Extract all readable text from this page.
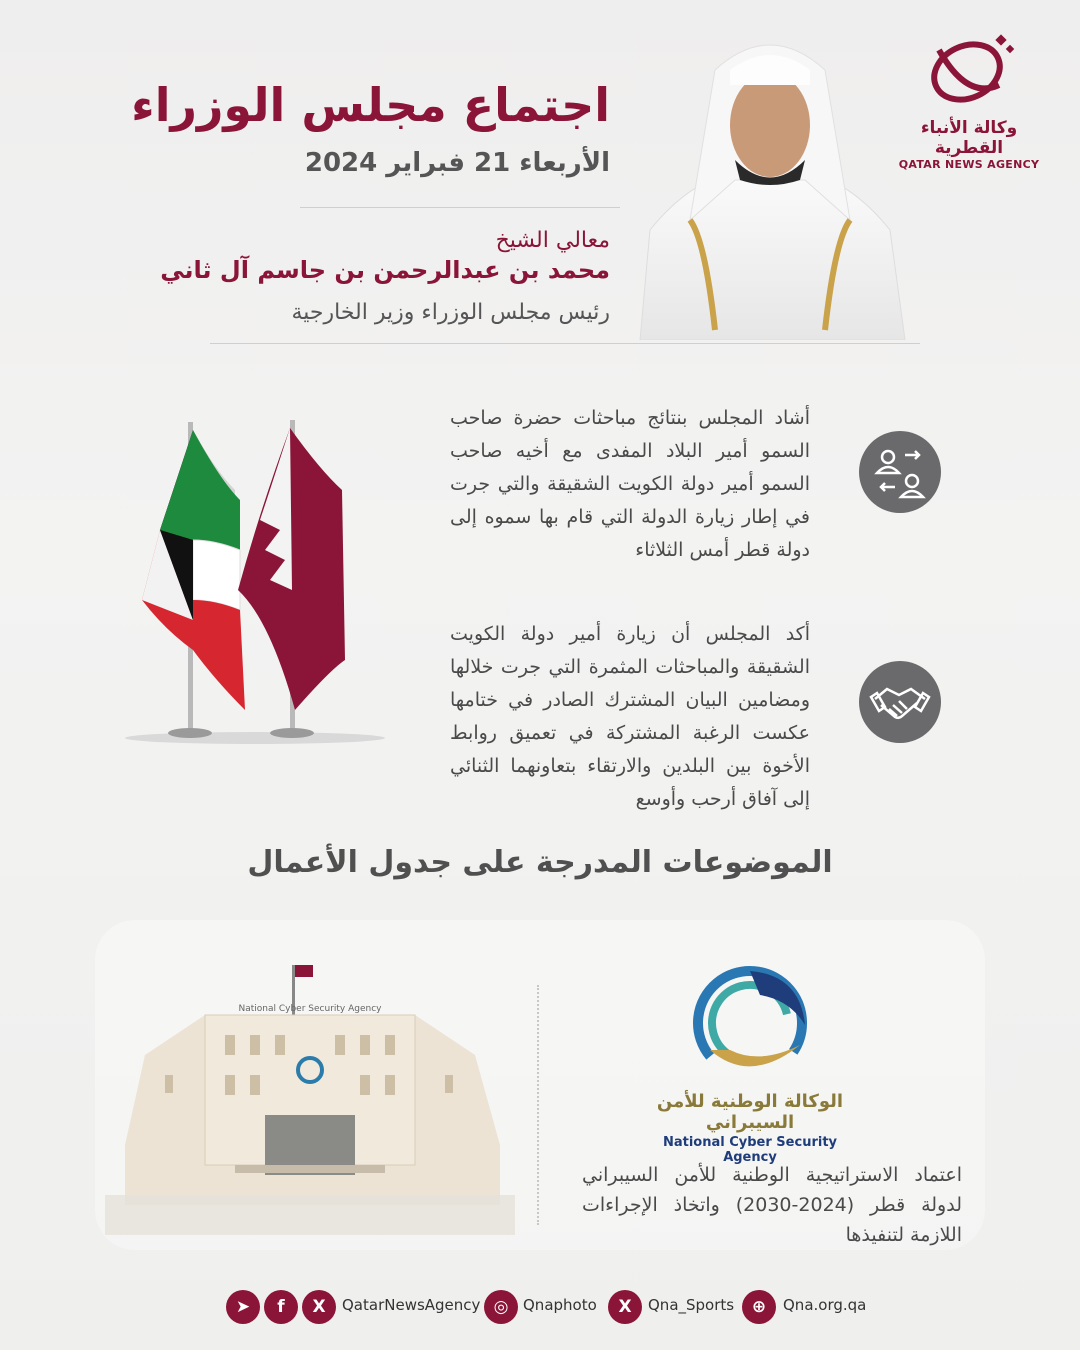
وكالة الأنباء القطرية
QATAR NEWS AGENCY
اجتماع مجلس الوزراء
الأربعاء 21 فبراير 2024
معالي الشيخ
محمد بن عبدالرحمن بن جاسم آل ثاني
رئيس مجلس الوزراء وزير الخارجية
أشاد المجلس بنتائج مباحثات حضرة صاحب السمو أمير البلاد المفدى مع أخيه صاحب السمو أمير دولة الكويت الشقيقة والتي جرت في إطار زيارة الدولة التي قام بها سموه إلى دولة قطر أمس الثلاثاء
أكد المجلس أن زيارة أمير دولة الكويت الشقيقة والمباحثات المثمرة التي جرت خلالها ومضامين البيان المشترك الصادر في ختامها عكست الرغبة المشتركة في تعميق روابط الأخوة بين البلدين والارتقاء بتعاونهما الثنائي إلى آفاق أرحب وأوسع
الموضوعات المدرجة على جدول الأعمال
National Cyber Security Agency
الوكالة الوطنية للأمن السيبراني
National Cyber Security Agency
اعتماد الاستراتيجية الوطنية للأمن السيبراني لدولة قطر (2024-2030) واتخاذ الإجراءات اللازمة لتنفيذها
➤	f	X	QatarNewsAgency ◎ Qnaphoto	X	Qna_Sports	⊕	Qna.org.qa
